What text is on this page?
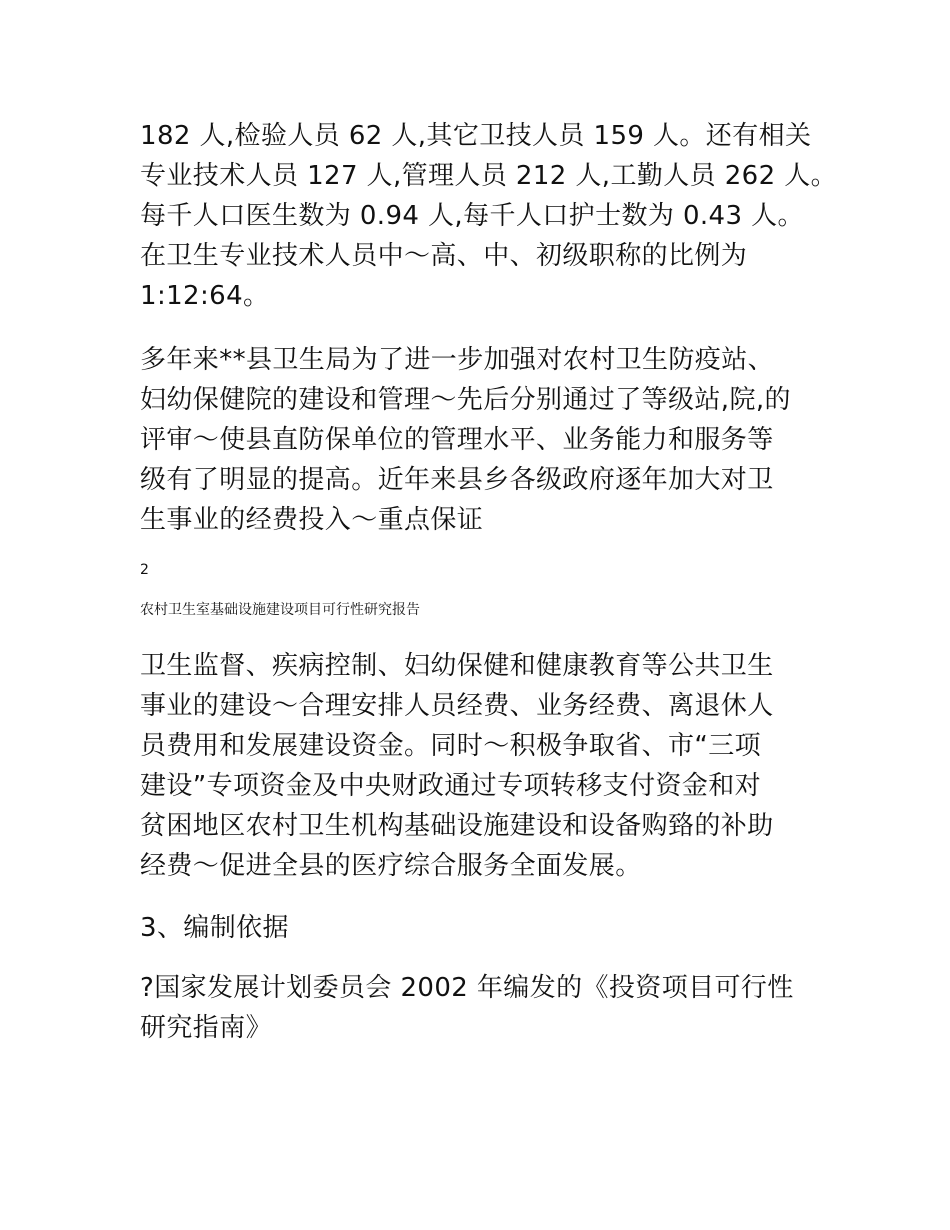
182 人,检验人员 62 人,其它卫技人员 159 人。还有相关
专业技术人员 127 人,管理人员 212 人,工勤人员 262 人。
每千人口医生数为 0.94 人,每千人口护士数为 0.43 人。
在卫生专业技术人员中～高、中、初级职称的比例为
1:12:64。
多年来**县卫生局为了进一步加强对农村卫生防疫站、
妇幼保健院的建设和管理～先后分别通过了等级站,院,的
评审～使县直防保单位的管理水平、业务能力和服务等
级有了明显的提高。近年来县乡各级政府逐年加大对卫
生事业的经费投入～重点保证
2
农村卫生室基础设施建设项目可行性研究报告
卫生监督、疾病控制、妇幼保健和健康教育等公共卫生
事业的建设～合理安排人员经费、业务经费、离退休人
员费用和发展建设资金。同时～积极争取省、市“三项
建设”专项资金及中央财政通过专项转移支付资金和对
贫困地区农村卫生机构基础设施建设和设备购臵的补助
经费～促进全县的医疗综合服务全面发展。
3、编制依据
?国家发展计划委员会 2002 年编发的《投资项目可行性
研究指南》
